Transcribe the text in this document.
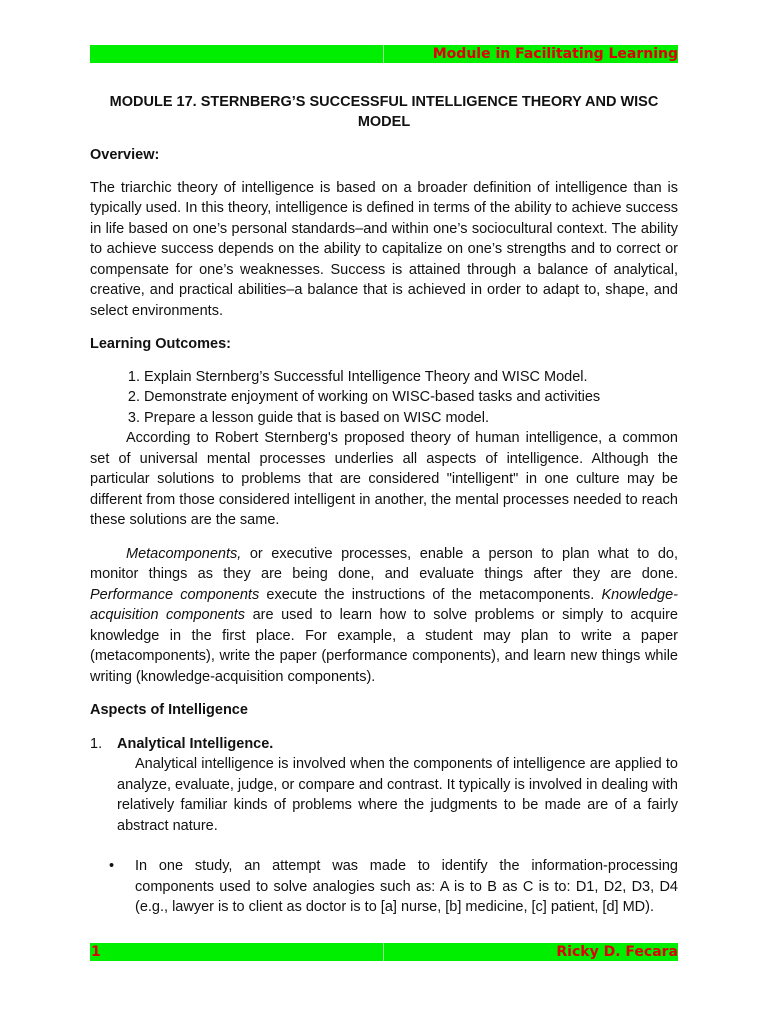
Module in Facilitating Learning
MODULE 17. STERNBERG’S SUCCESSFUL INTELLIGENCE THEORY AND WISC MODEL
Overview:

The triarchic theory of intelligence is based on a broader definition of intelligence than is typically used. In this theory, intelligence is defined in terms of the ability to achieve success in life based on one’s personal standards–and within one’s sociocultural context. The ability to achieve success depends on the ability to capitalize on one’s strengths and to correct or compensate for one’s weaknesses. Success is attained through a balance of analytical, creative, and practical abilities–a balance that is achieved in order to adapt to, shape, and select environments.

Learning Outcomes:
1. Explain Sternberg’s Successful Intelligence Theory and WISC Model.
2. Demonstrate enjoyment of working on WISC-based tasks and activities
3. Prepare a lesson guide that is based on WISC model.

According to Robert Sternberg's proposed theory of human intelligence, a common set of universal mental processes underlies all aspects of intelligence. Although the particular solutions to problems that are considered "intelligent" in one culture may be different from those considered intelligent in another, the mental processes needed to reach these solutions are the same.

Metacomponents, or executive processes, enable a person to plan what to do, monitor things as they are being done, and evaluate things after they are done. Performance components execute the instructions of the metacomponents. Knowledge-acquisition components are used to learn how to solve problems or simply to acquire knowledge in the first place. For example, a student may plan to write a paper (metacomponents), write the paper (performance components), and learn new things while writing (knowledge-acquisition components).

Aspects of Intelligence
1.	Analytical Intelligence.
Analytical intelligence is involved when the components of intelligence are applied to analyze, evaluate, judge, or compare and contrast. It typically is involved in dealing with relatively familiar kinds of problems where the judgments to be made are of a fairly abstract nature.
•	In one study, an attempt was made to identify the information-processing components used to solve analogies such as: A is to B as C is to: D1, D2, D3, D4 (e.g., lawyer is to client as doctor is to [a] nurse, [b] medicine, [c] patient, [d] MD).
1	Ricky D. Fecara
